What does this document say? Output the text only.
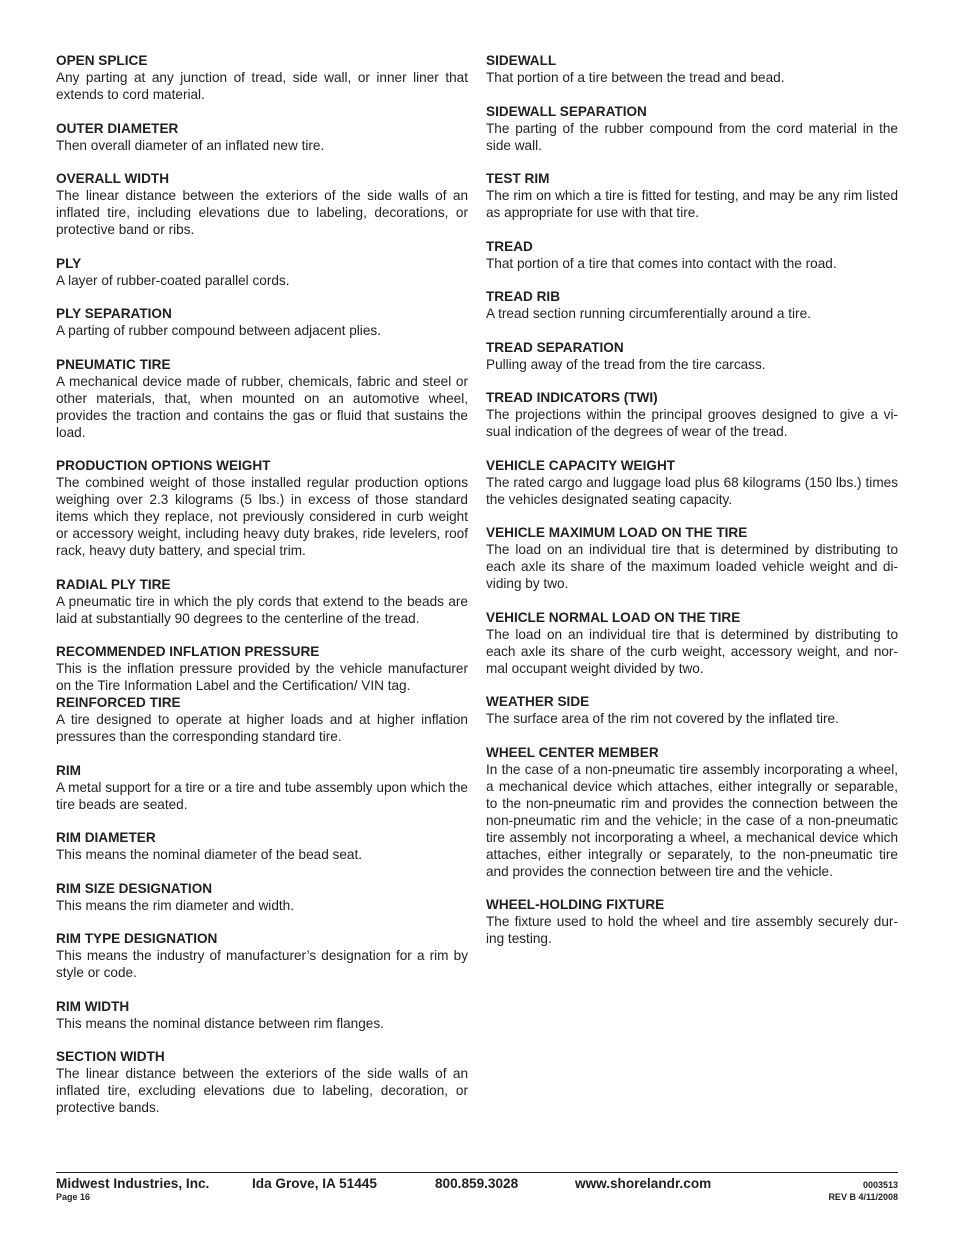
OPEN SPLICE
Any parting at any junction of tread, side wall, or inner liner that extends to cord material.
OUTER DIAMETER
Then overall diameter of an inflated new tire.
OVERALL WIDTH
The linear distance between the exteriors of the side walls of an inflated tire, including elevations due to labeling, decorations, or protective band or ribs.
PLY
A layer of rubber-coated parallel cords.
PLY SEPARATION
A parting of rubber compound between adjacent plies.
PNEUMATIC TIRE
A mechanical device made of rubber, chemicals, fabric and steel or other materials, that, when mounted on an automotive wheel, provides the traction and contains the gas or fluid that sustains the load.
PRODUCTION OPTIONS WEIGHT
The combined weight of those installed regular production options weighing over 2.3 kilograms (5 lbs.) in excess of those standard items which they replace, not previously considered in curb weight or accessory weight, including heavy duty brakes, ride levelers, roof rack, heavy duty battery, and special trim.
RADIAL PLY TIRE
A pneumatic tire in which the ply cords that extend to the beads are laid at substantially 90 degrees to the centerline of the tread.
RECOMMENDED INFLATION PRESSURE
This is the inflation pressure provided by the vehicle manufacturer on the Tire Information Label and the Certification/ VIN tag.
REINFORCED TIRE
A tire designed to operate at higher loads and at higher inflation pressures than the corresponding standard tire.
RIM
A metal support for a tire or a tire and tube assembly upon which the tire beads are seated.
RIM DIAMETER
This means the nominal diameter of the bead seat.
RIM SIZE DESIGNATION
This means the rim diameter and width.
RIM TYPE DESIGNATION
This means the industry of manufacturer’s designation for a rim by style or code.
RIM WIDTH
This means the nominal distance between rim flanges.
SECTION WIDTH
The linear distance between the exteriors of the side walls of an inflated tire, excluding elevations due to labeling, decoration, or protective bands.
SIDEWALL
That portion of a tire between the tread and bead.
SIDEWALL SEPARATION
The parting of the rubber compound from the cord material in the side wall.
TEST RIM
The rim on which a tire is fitted for testing, and may be any rim listed as appropriate for use with that tire.
TREAD
That portion of a tire that comes into contact with the road.
TREAD RIB
A tread section running circumferentially around a tire.
TREAD SEPARATION
Pulling away of the tread from the tire carcass.
TREAD INDICATORS (TWI)
The projections within the principal grooves designed to give a vi- sual indication of the degrees of wear of the tread.
VEHICLE CAPACITY WEIGHT
The rated cargo and luggage load plus 68 kilograms (150 lbs.) times the vehicles designated seating capacity.
VEHICLE MAXIMUM LOAD ON THE TIRE
The load on an individual tire that is determined by distributing to each axle its share of the maximum loaded vehicle weight and di- viding by two.
VEHICLE NORMAL LOAD ON THE TIRE
The load on an individual tire that is determined by distributing to each axle its share of the curb weight, accessory weight, and nor- mal occupant weight divided by two.
WEATHER SIDE
The surface area of the rim not covered by the inflated tire.
WHEEL CENTER MEMBER
In the case of a non-pneumatic tire assembly incorporating a wheel, a mechanical device which attaches, either integrally or separable, to the non-pneumatic rim and provides the connection between the non-pneumatic rim and the vehicle; in the case of a non-pneumatic tire assembly not incorporating a wheel, a mechanical device which attaches, either integrally or separately, to the non-pneumatic tire and provides the connection between tire and the vehicle.
WHEEL-HOLDING FIXTURE
The fixture used to hold the wheel and tire assembly securely dur- ing testing.
Midwest Industries, Inc.	Ida Grove, IA 51445	800.859.3028	www.shorelandr.com
Page 16
0003513
REV B 4/11/2008
